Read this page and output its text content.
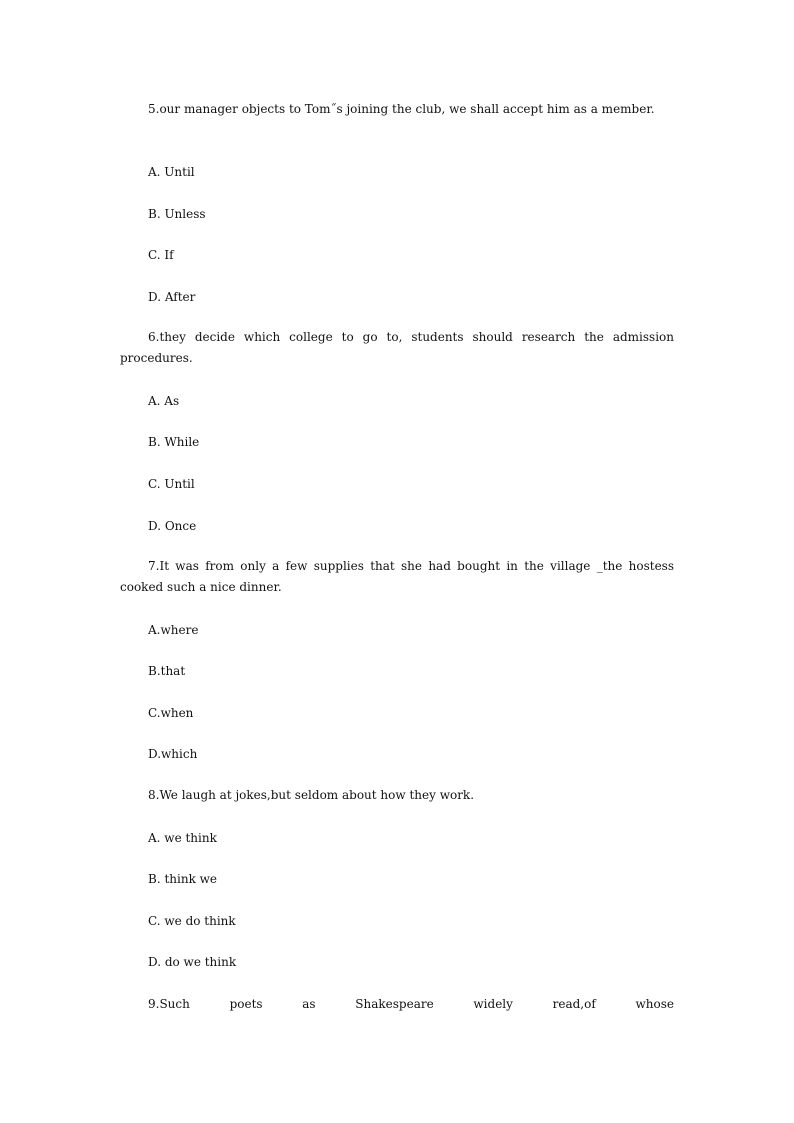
5.our manager objects to Tom˝s joining the club, we shall accept him as a member.
A. Until
B. Unless
C. If
D. After
6.they decide which college to go to, students should research the admission procedures.
A. As
B. While
C. Until
D. Once
7.It was from only a few supplies that she had bought in the village _the hostess cooked such a nice dinner.
A.where
B.that
C.when
D.which
8.We laugh at jokes,but seldom about how they work.
A. we think
B. think we
C. we do think
D. do we think
9.Such	poets	as	Shakespeare	widely	read,of	whose
